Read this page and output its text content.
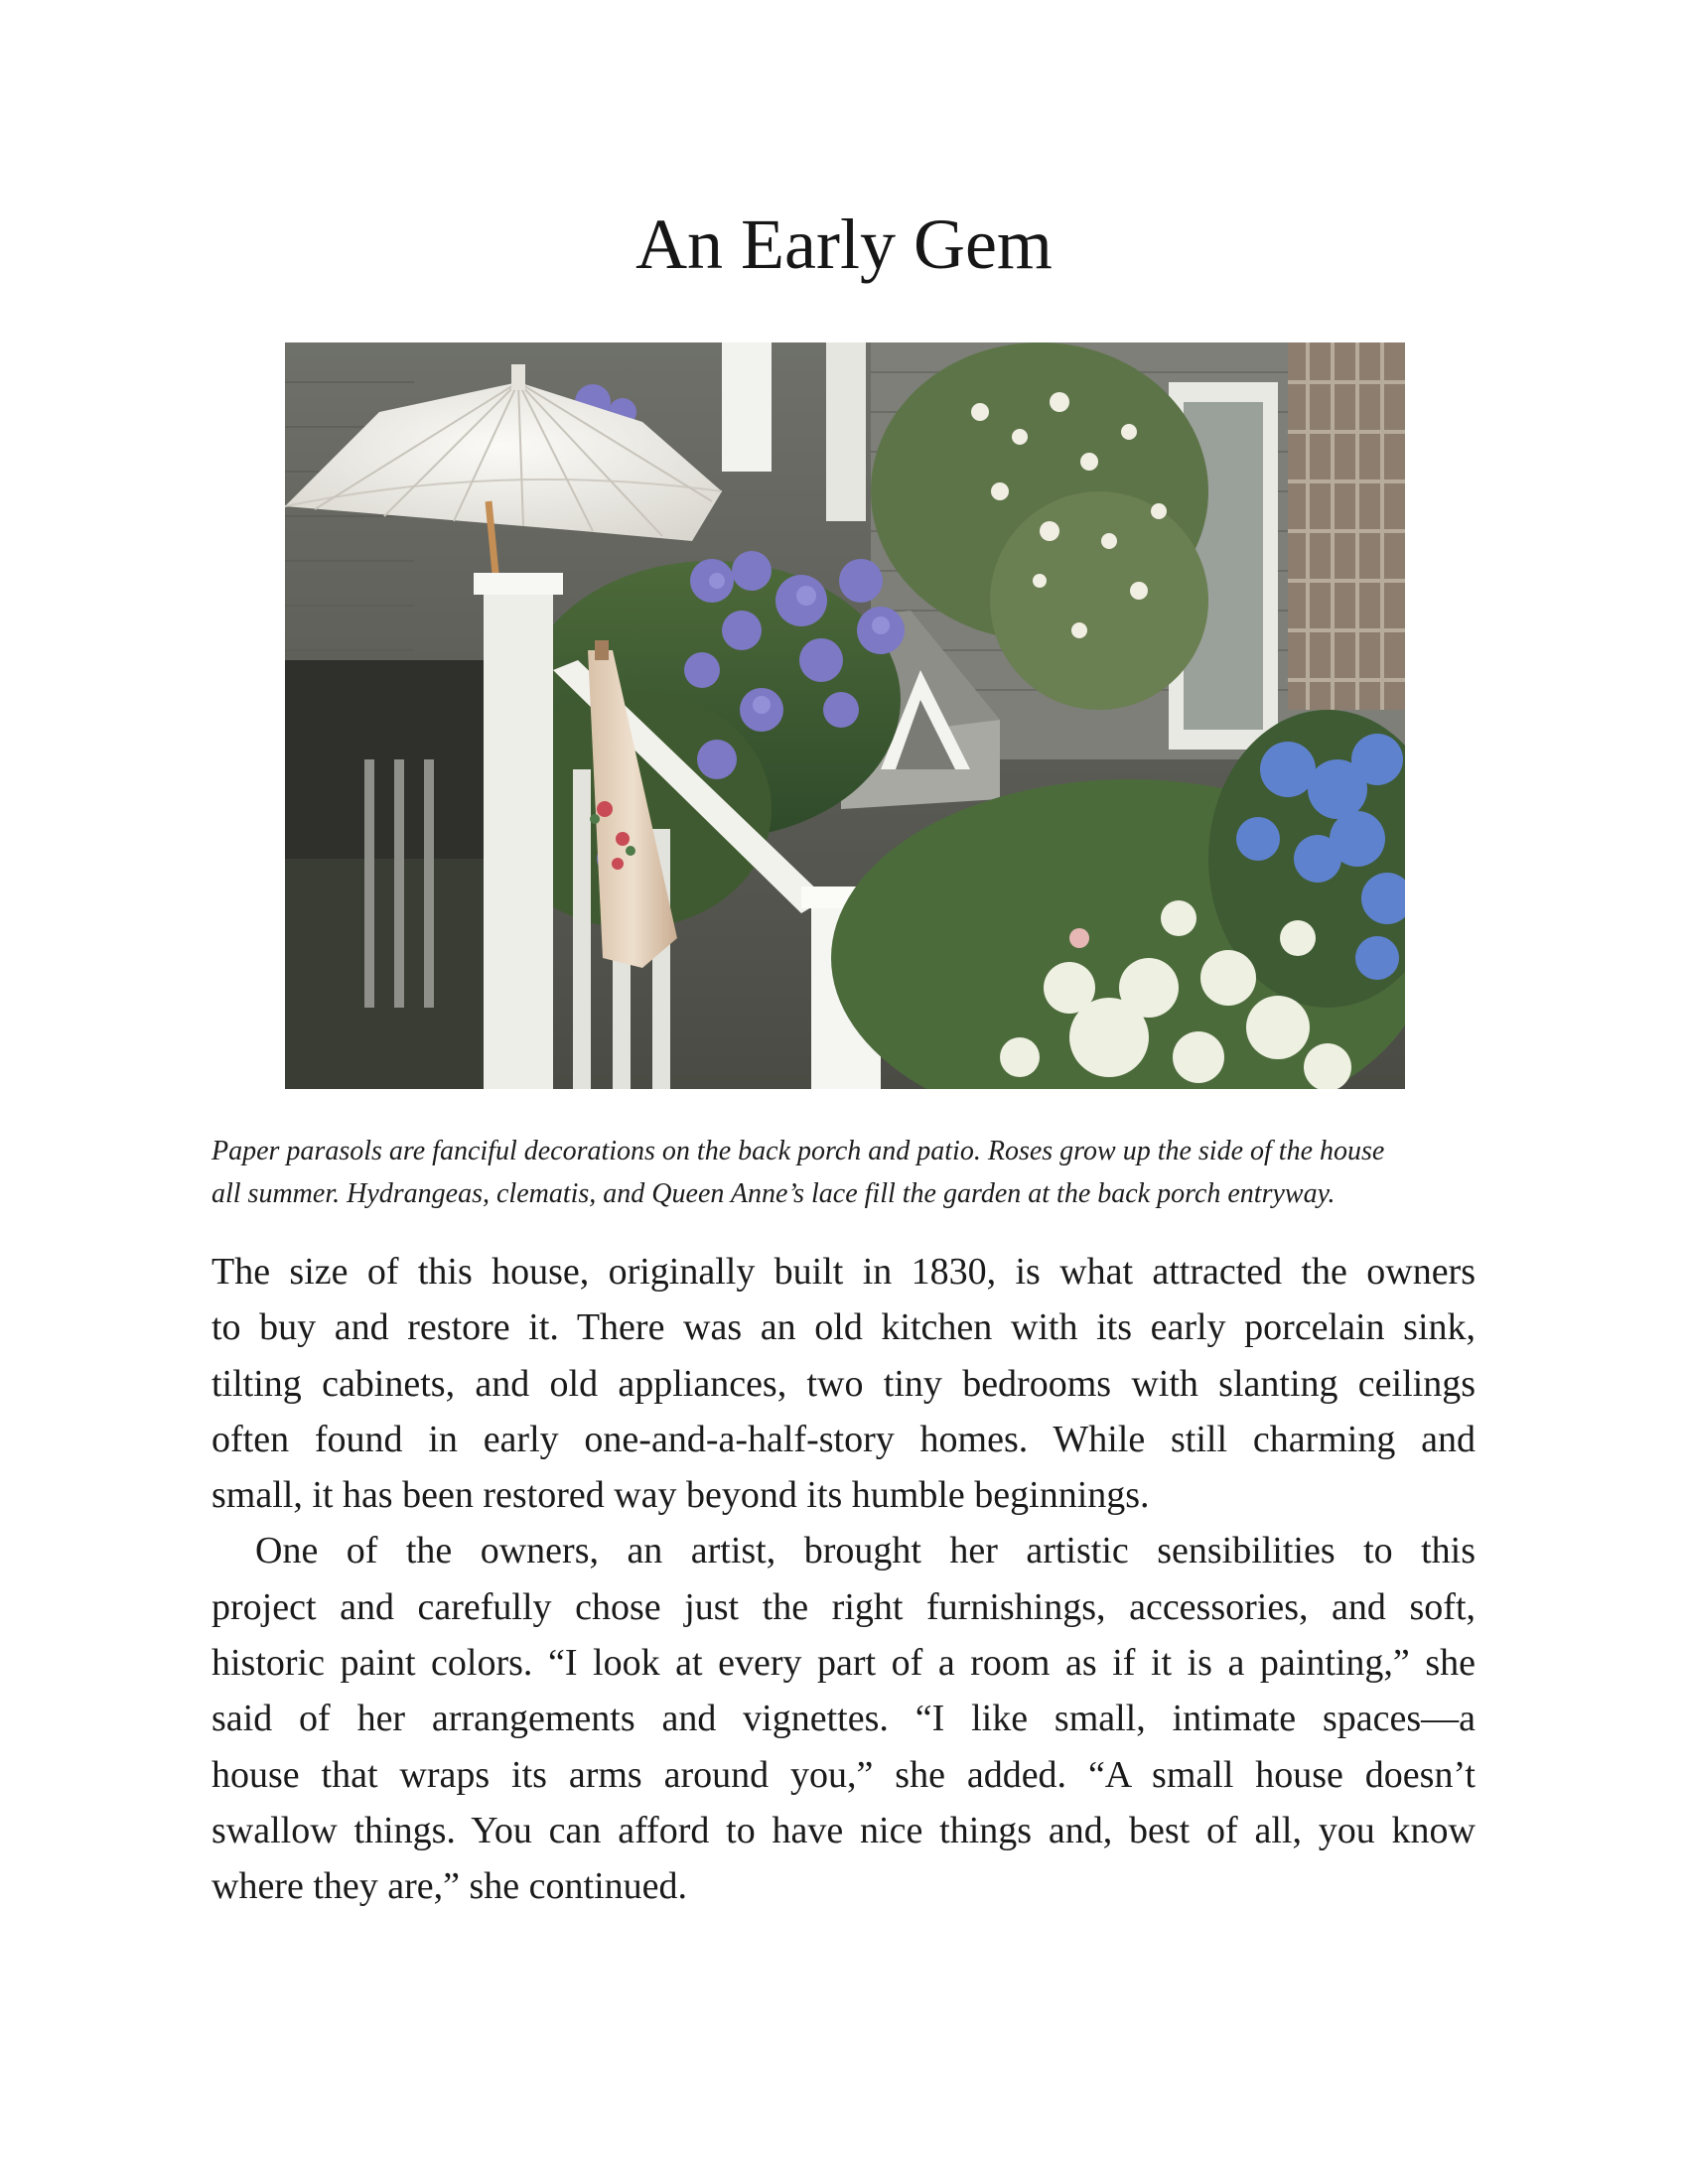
An Early Gem
Paper parasols are fanciful decorations on the back porch and patio. Roses grow up the side of the house
all summer. Hydrangeas, clematis, and Queen Anne’s lace fill the garden at the back porch entryway.

The size of this house, originally built in 1830, is what attracted the owners

to buy and restore it. There was an old kitchen with its early porcelain sink,

tilting cabinets, and old appliances, two tiny bedrooms with slanting ceilings

often found in early one-and-a-half-story homes. While still charming and

small, it has been restored way beyond its humble beginnings.

One of the owners, an artist, brought her artistic sensibilities to this

project and carefully chose just the right furnishings, accessories, and soft,

historic paint colors. “I look at every part of a room as if it is a painting,” she

said of her arrangements and vignettes. “I like small, intimate spaces—a

house that wraps its arms around you,” she added. “A small house doesn’t

swallow things. You can afford to have nice things and, best of all, you know

where they are,” she continued.
